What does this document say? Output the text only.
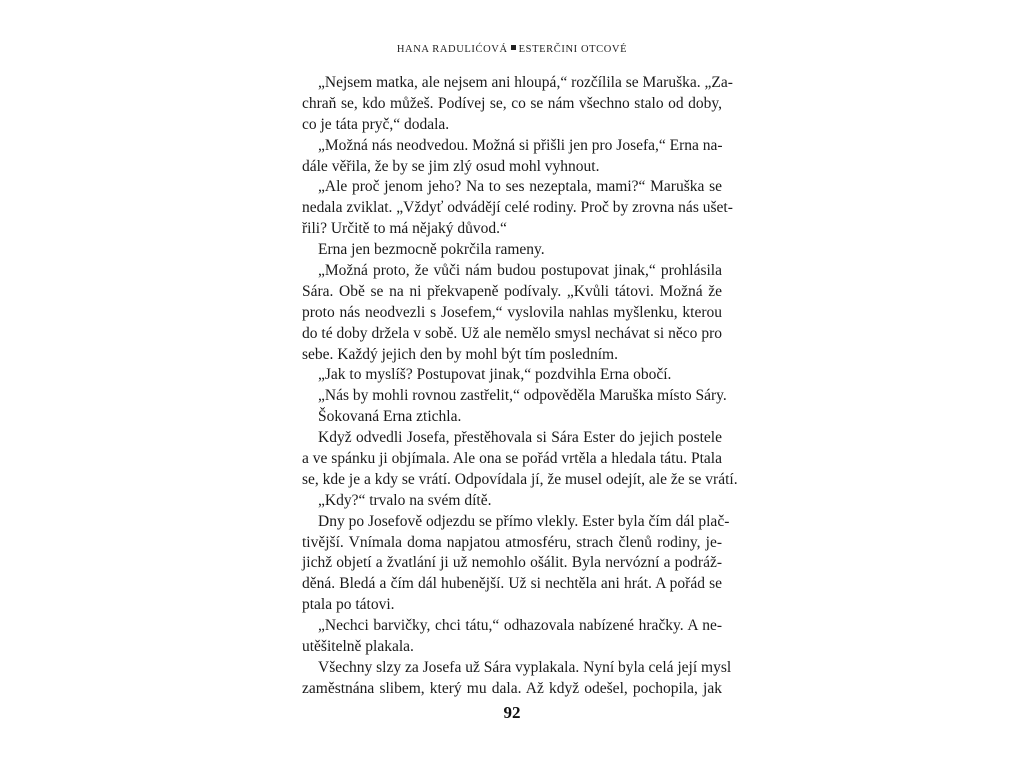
HANA RADULIĆOVÁ ESTERČINI OTCOVÉ
„Nejsem matka, ale nejsem ani hloupá,“ rozčílila se Maruška. „Za-
chraň se, kdo můžeš. Podívej se, co se nám všechno stalo od doby,
co je táta pryč,“ dodala.
„Možná nás neodvedou. Možná si přišli jen pro Josefa,“ Erna na-
dále věřila, že by se jim zlý osud mohl vyhnout.
„Ale proč jenom jeho? Na to ses nezeptala, mami?“ Maruška se
nedala zviklat. „Vždyť odvádějí celé rodiny. Proč by zrovna nás ušet-
řili? Určitě to má nějaký důvod.“
Erna jen bezmocně pokrčila rameny.
„Možná proto, že vůči nám budou postupovat jinak,“ prohlásila
Sára. Obě se na ni překvapeně podívaly. „Kvůli tátovi. Možná že
proto nás neodvezli s Josefem,“ vyslovila nahlas myšlenku, kterou
do té doby držela v sobě. Už ale nemělo smysl nechávat si něco pro
sebe. Každý jejich den by mohl být tím posledním.
„Jak to myslíš? Postupovat jinak,“ pozdvihla Erna obočí.
„Nás by mohli rovnou zastřelit,“ odpověděla Maruška místo Sáry.
Šokovaná Erna ztichla.
Když odvedli Josefa, přestěhovala si Sára Ester do jejich postele
a ve spánku ji objímala. Ale ona se pořád vrtěla a hledala tátu. Ptala
se, kde je a kdy se vrátí. Odpovídala jí, že musel odejít, ale že se vrátí.
„Kdy?“ trvalo na svém dítě.
Dny po Josefově odjezdu se přímo vlekly. Ester byla čím dál plač-
tivější. Vnímala doma napjatou atmosféru, strach členů rodiny, je-
jichž objetí a žvatlání ji už nemohlo ošálit. Byla nervózní a podráž-
děná. Bledá a čím dál hubenější. Už si nechtěla ani hrát. A pořád se
ptala po tátovi.
„Nechci barvičky, chci tátu,“ odhazovala nabízené hračky. A ne-
utěšitelně plakala.
Všechny slzy za Josefa už Sára vyplakala. Nyní byla celá její mysl
zaměstnána slibem, který mu dala. Až když odešel, pochopila, jak
92
